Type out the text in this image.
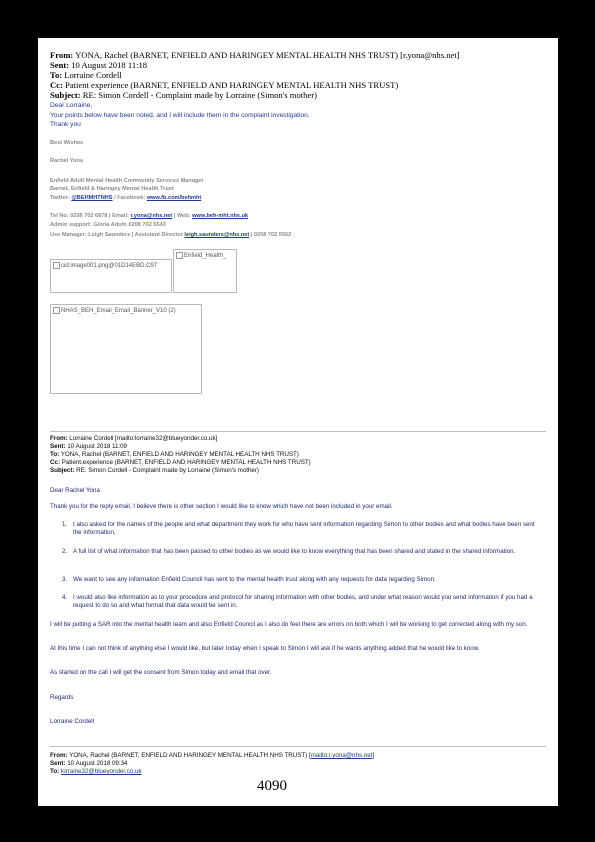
From: YONA, Rachel (BARNET, ENFIELD AND HARINGEY MENTAL HEALTH NHS TRUST) [r.yona@nhs.net]
Sent: 10 August 2018 11:18
To: Lorraine Cordell
Cc: Patient experience (BARNET, ENFIELD AND HARINGEY MENTAL HEALTH NHS TRUST)
Subject: RE: Simon Cordell - Complaint made by Lorraine (Simon's mother)
Dear Lorraine,
Your points below have been noted, and I will include them in the complaint investigation.
Thank you
Best Wishes
Rachel Yona
Enfield Adult Mental Health Community Services Manager
Barnet, Enfield & Haringey Mental Health Trust
Twitter: @BEHMHTNHS / Facebook: www.fb.com/behmht
Tel No: 0208 702 6878 | Email: r.yona@nhs.net | Web: www.beh-mht.nhs.uk
Admin support: Gloria Adofo 0208 702 5543
Use Manager: Leigh Saunders | Assistant Director leigh.saunders@nhs.net | 0208 702 5562
cid:image001.png@01D14EBD.C97
Enfield_Health_
NHAS_BEH_Email_Email_Banner_V10 (2)
From: Lorraine Cordell [mailto:lorraine32@blueyonder.co.uk]
Sent: 10 August 2018 11:09
To: YONA, Rachel (BARNET, ENFIELD AND HARINGEY MENTAL HEALTH NHS TRUST)
Cc: Patient.experience (BARNET, ENFIELD AND HARINGEY MENTAL HEALTH NHS TRUST)
Subject: RE: Simon Cordell - Complaint made by Lorraine (Simon's mother)
Dear Rachel Yona
Thank you for the reply email, I believe there is other section I would like to know which have not been included in your email.
1. I also asked for the names of the people and what department they work for who have sent information regarding Simon to other bodies and what bodies have been sent the information.
2. A full list of what information that has been passed to other bodies as we would like to know everything that has been shared and stated in the shared information.
3. We want to see any information Enfield Council has sent to the mental health trust along with any requests for data regarding Simon.
4. I would also like information as to your procedure and protocol for sharing information with other bodies, and under what reason would you send information if you had a request to do so and what format that data would be sent in.
I will be putting a SAR into the mental health team and also Enfield Council as I also do feel there are errors on both which I will be working to get corrected along with my son.
At this time I can not think of anything else I would like, but later today when I speak to Simon I will ask if he wants anything added that he would like to know.
As started on the call I will get the consent from Simon today and email that over.
Regards
Lorraine Cordell
From: YONA, Rachel (BARNET, ENFIELD AND HARINGEY MENTAL HEALTH NHS TRUST) [mailto:r.yona@nhs.net]
Sent: 10 August 2018 09:34
To: lorraine32@blueyonder.co.uk
4090
